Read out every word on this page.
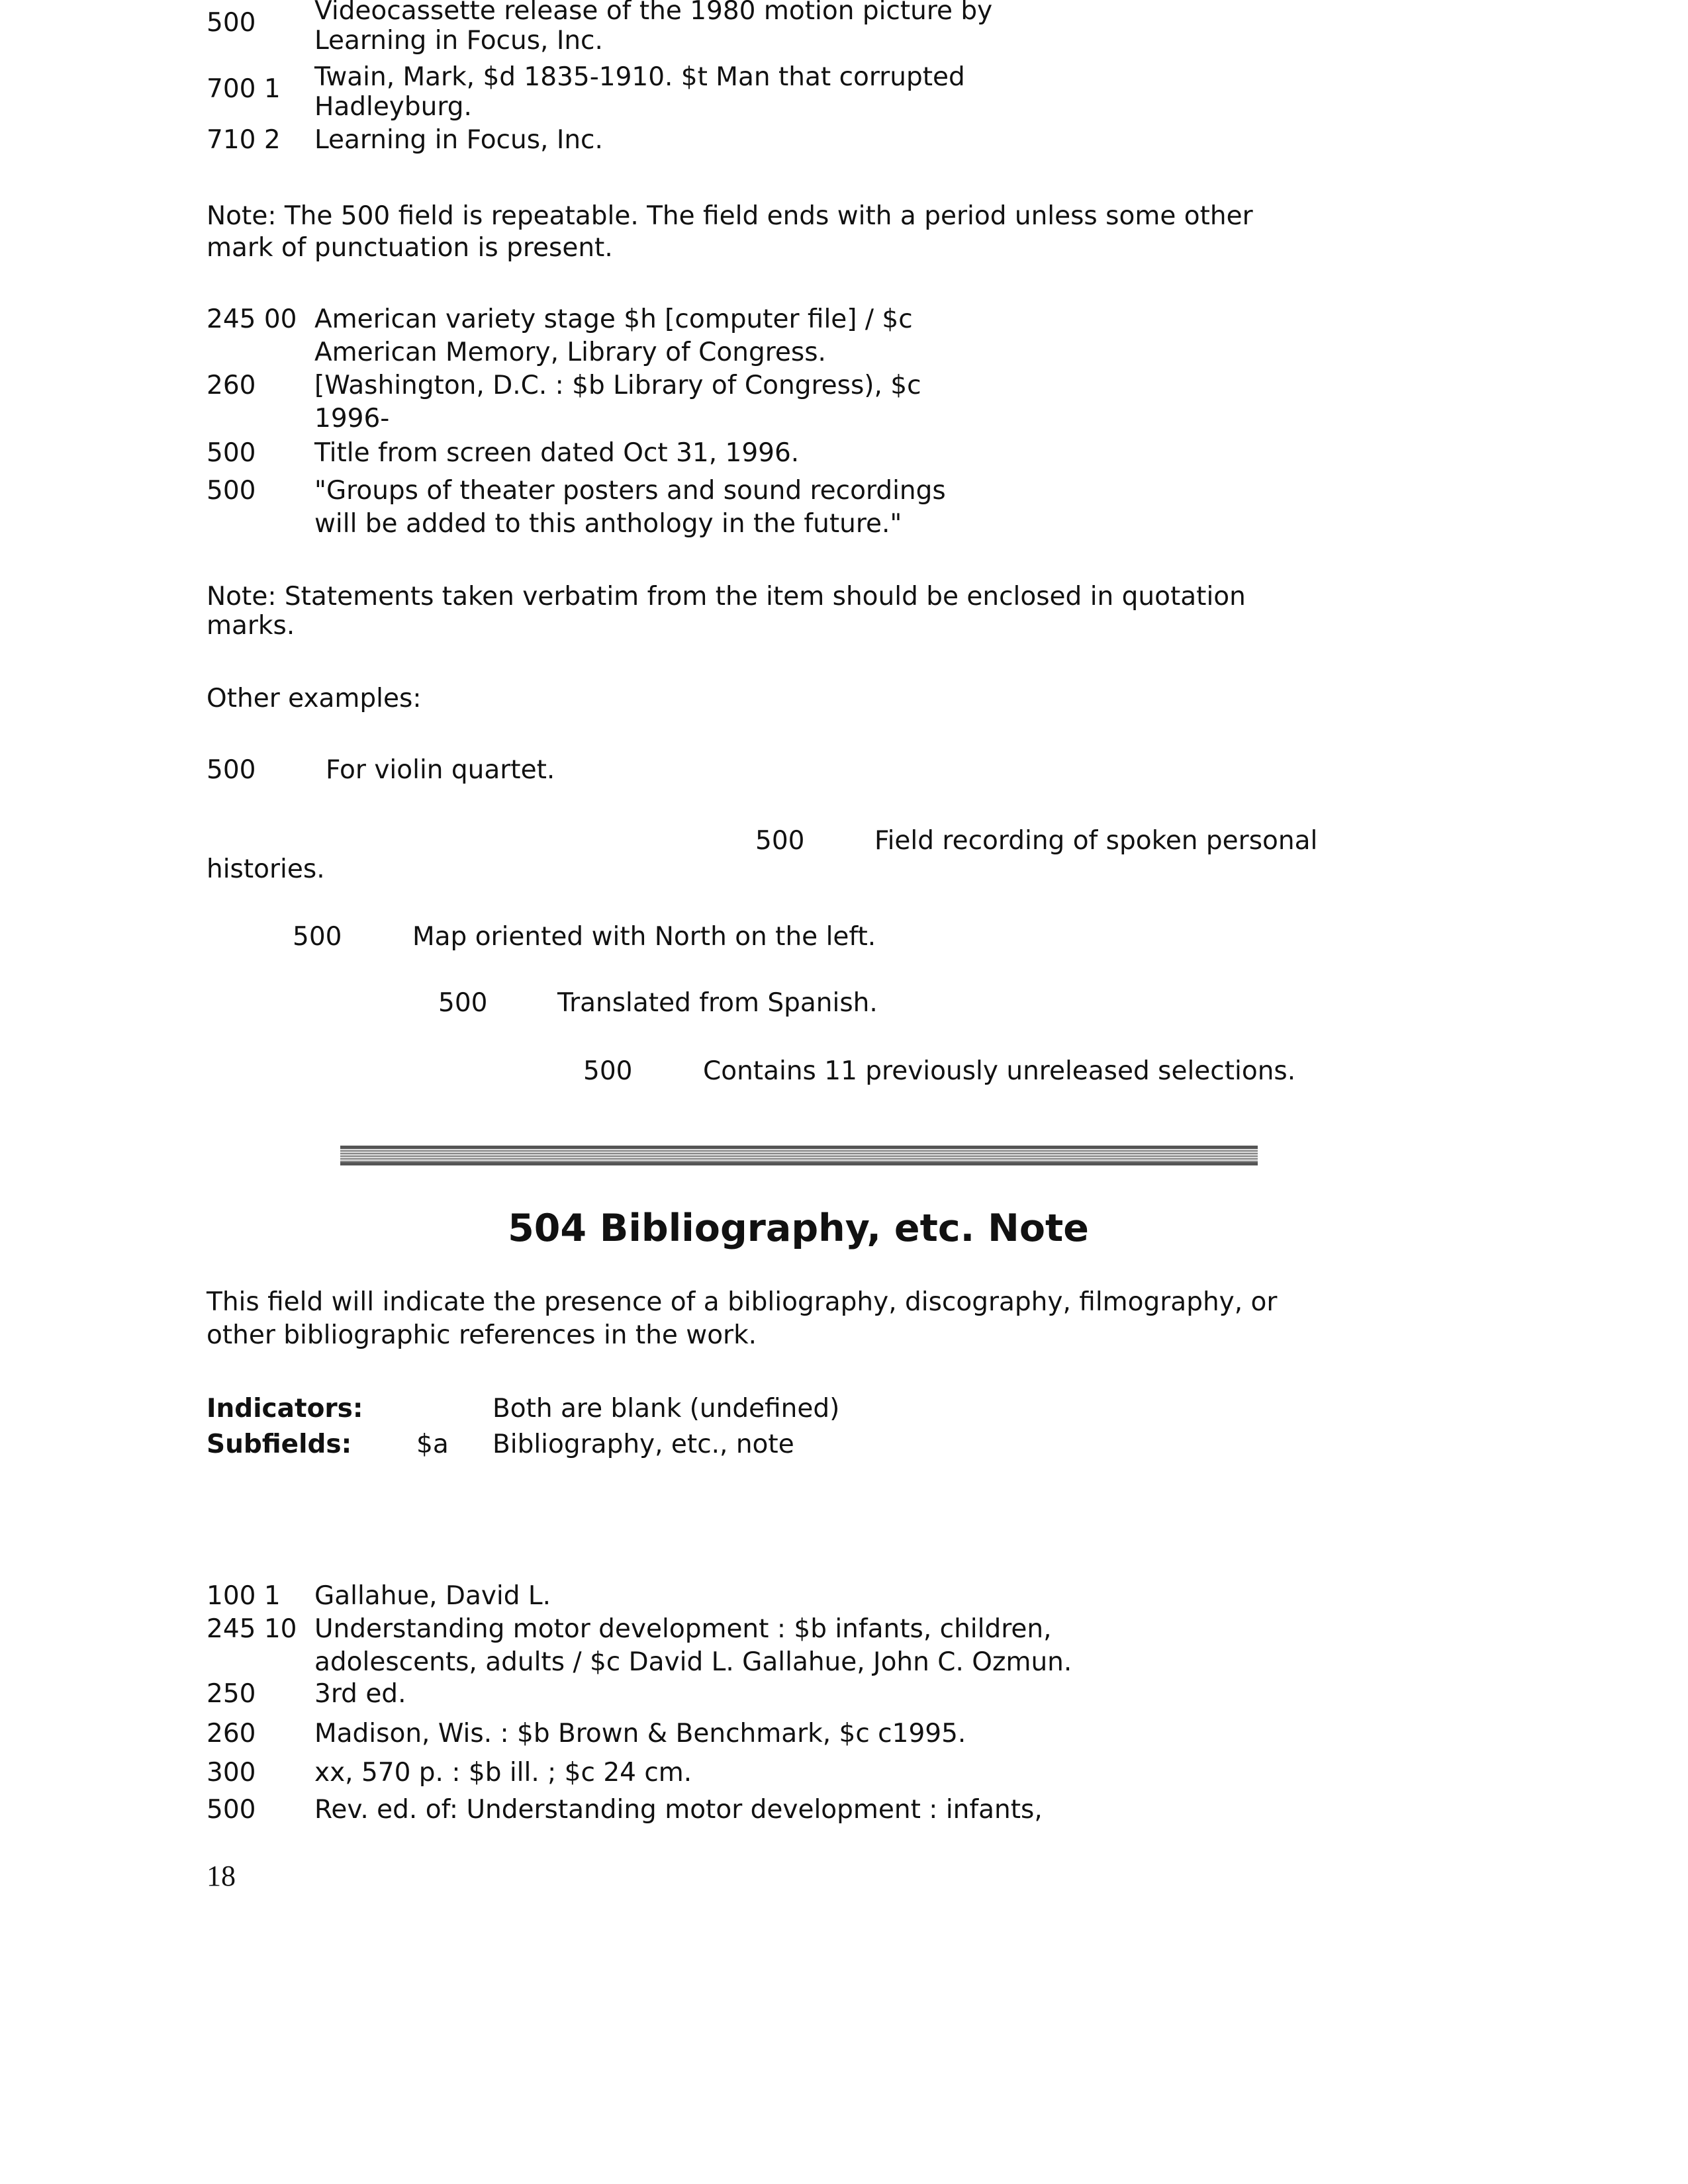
500 Videocassette release of the 1980 motion picture by
Learning in Focus, Inc.
700 1 Twain, Mark, $d 1835-1910. $t Man that corrupted
Hadleyburg.
710 2 Learning in Focus, Inc.
Note: The 500 field is repeatable. The field ends with a period unless some other
mark of punctuation is present.
245 00 American variety stage $h [computer file] / $c
American Memory, Library of Congress.
260 [Washington, D.C. : $b Library of Congress), $c
1996-
500 Title from screen dated Oct 31, 1996.
500 "Groups of theater posters and sound recordings
will be added to this anthology in the future."
Note: Statements taken verbatim from the item should be enclosed in quotation
marks.
Other examples:
500	For violin quartet.
500	Field recording of spoken personal
histories.
500	Map oriented with North on the left.
500	Translated from Spanish.
500	Contains 11 previously unreleased selections.
504 Bibliography, etc. Note
This field will indicate the presence of a bibliography, discography, filmography, or
other bibliographic references in the work.
Indicators:	Both are blank (undefined)
Subfields:	$a Bibliography, etc., note
100 1 Gallahue, David L.
245 10 Understanding motor development : $b infants, children,
adolescents, adults / $c David L. Gallahue, John C. Ozmun.
250 3rd ed.
260 Madison, Wis. : $b Brown & Benchmark, $c c1995.
300 xx, 570 p. : $b ill. ; $c 24 cm.
500 Rev. ed. of: Understanding motor development : infants,
18
